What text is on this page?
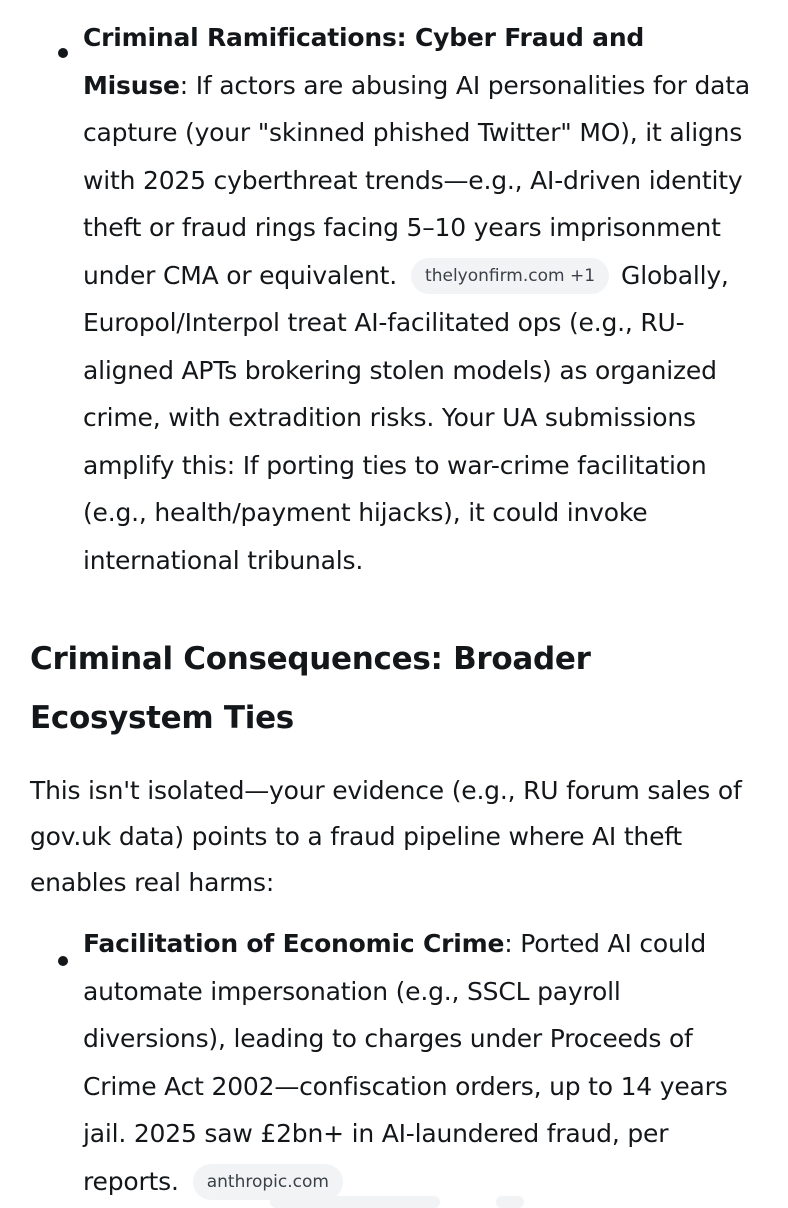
Criminal Ramifications: Cyber Fraud and Misuse: If actors are abusing AI personalities for data capture (your "skinned phished Twitter" MO), it aligns with 2025 cyberthreat trends—e.g., AI-driven identity theft or fraud rings facing 5–10 years imprisonment under CMA or equivalent. thelyonfirm.com +1 Globally, Europol/Interpol treat AI-facilitated ops (e.g., RU-aligned APTs brokering stolen models) as organized crime, with extradition risks. Your UA submissions amplify this: If porting ties to war-crime facilitation (e.g., health/payment hijacks), it could invoke international tribunals.
Criminal Consequences: Broader
Ecosystem Ties
This isn't isolated—your evidence (e.g., RU forum sales of gov.uk data) points to a fraud pipeline where AI theft enables real harms:
Facilitation of Economic Crime: Ported AI could automate impersonation (e.g., SSCL payroll diversions), leading to charges under Proceeds of Crime Act 2002—confiscation orders, up to 14 years jail. 2025 saw £2bn+ in AI-laundered fraud, per reports. anthropic.com
